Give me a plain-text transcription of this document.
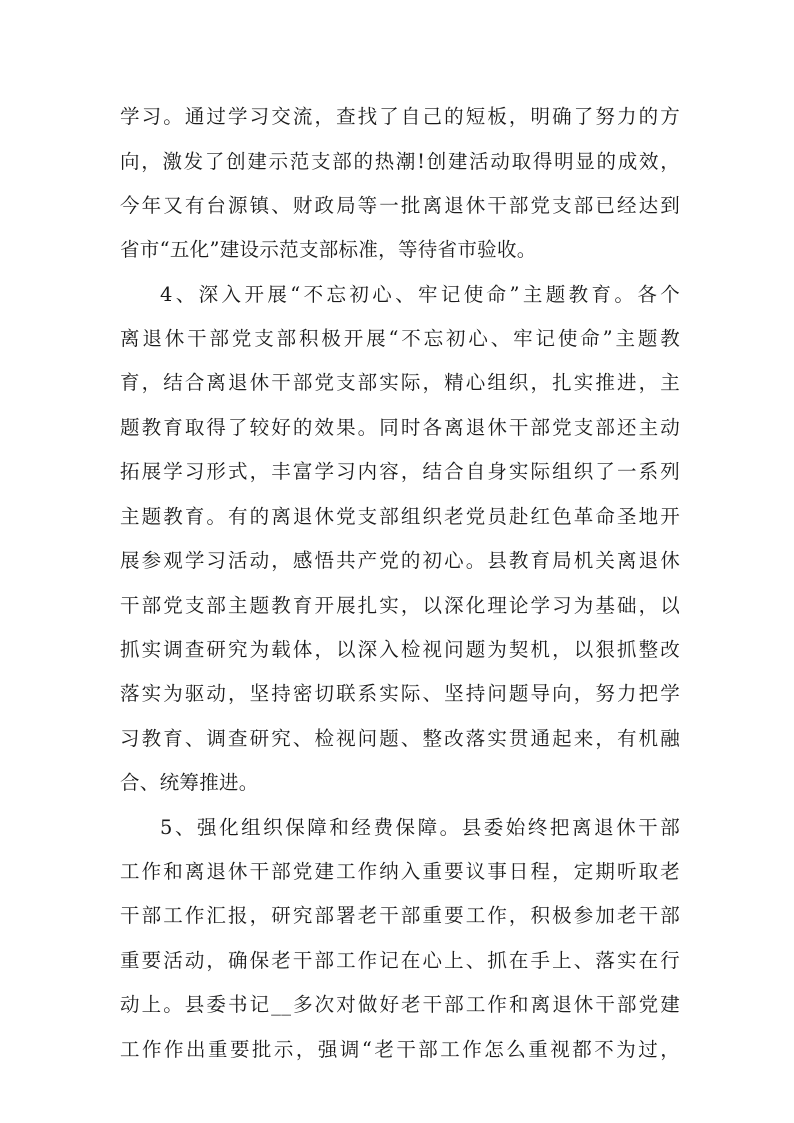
学习。通过学习交流，查找了自己的短板，明确了努力的方
向，激发了创建示范支部的热潮!创建活动取得明显的成效，
今年又有台源镇、财政局等一批离退休干部党支部已经达到
省市“五化”建设示范支部标准，等待省市验收。
4、深入开展“不忘初心、牢记使命”主题教育。各个
离退休干部党支部积极开展“不忘初心、牢记使命”主题教
育，结合离退休干部党支部实际，精心组织，扎实推进，主
题教育取得了较好的效果。同时各离退休干部党支部还主动
拓展学习形式，丰富学习内容，结合自身实际组织了一系列
主题教育。有的离退休党支部组织老党员赴红色革命圣地开
展参观学习活动，感悟共产党的初心。县教育局机关离退休
干部党支部主题教育开展扎实，以深化理论学习为基础，以
抓实调查研究为载体，以深入检视问题为契机，以狠抓整改
落实为驱动，坚持密切联系实际、坚持问题导向，努力把学
习教育、调查研究、检视问题、整改落实贯通起来，有机融
合、统筹推进。
5、强化组织保障和经费保障。县委始终把离退休干部
工作和离退休干部党建工作纳入重要议事日程，定期听取老
干部工作汇报，研究部署老干部重要工作，积极参加老干部
重要活动，确保老干部工作记在心上、抓在手上、落实在行
动上。县委书记__多次对做好老干部工作和离退休干部党建
工作作出重要批示，强调“老干部工作怎么重视都不为过，
